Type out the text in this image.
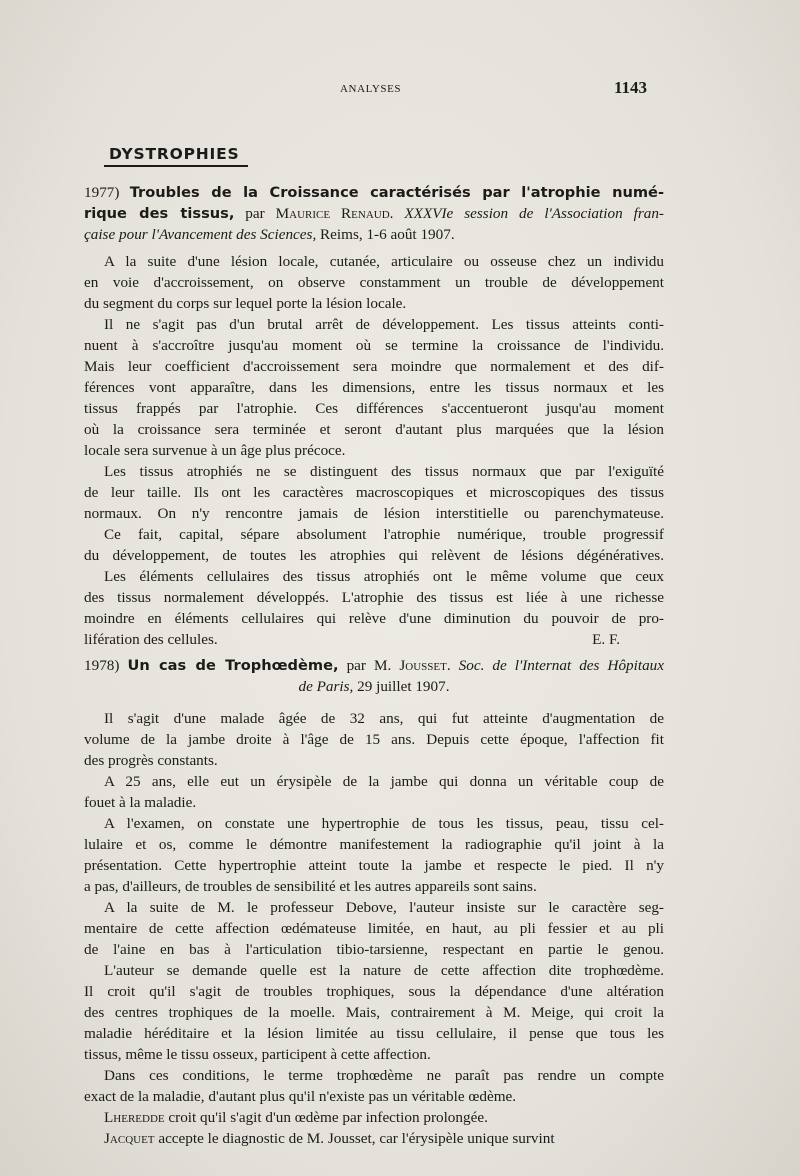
ANALYSES	1143
DYSTROPHIES
1977) Troubles de la Croissance caractérisés par l'atrophie numé-
rique des tissus, par Maurice Renaud. XXXVIe session de l'Association fran-
çaise pour l'Avancement des Sciences, Reims, 1-6 août 1907.
A la suite d'une lésion locale, cutanée, articulaire ou osseuse chez un individu
en voie d'accroissement, on observe constamment un trouble de développement
du segment du corps sur lequel porte la lésion locale.
Il ne s'agit pas d'un brutal arrêt de développement. Les tissus atteints conti-
nuent à s'accroître jusqu'au moment où se termine la croissance de l'individu.
Mais leur coefficient d'accroissement sera moindre que normalement et des dif-
férences vont apparaître, dans les dimensions, entre les tissus normaux et les
tissus frappés par l'atrophie. Ces différences s'accentueront jusqu'au moment
où la croissance sera terminée et seront d'autant plus marquées que la lésion
locale sera survenue à un âge plus précoce.
Les tissus atrophiés ne se distinguent des tissus normaux que par l'exiguïté
de leur taille. Ils ont les caractères macroscopiques et microscopiques des tissus
normaux. On n'y rencontre jamais de lésion interstitielle ou parenchymateuse.
Ce fait, capital, sépare absolument l'atrophie numérique, trouble progressif
du développement, de toutes les atrophies qui relèvent de lésions dégénératives.
Les éléments cellulaires des tissus atrophiés ont le même volume que ceux
des tissus normalement développés. L'atrophie des tissus est liée à une richesse
moindre en éléments cellulaires qui relève d'une diminution du pouvoir de pro-
lifération des cellules.	E. F.
1978) Un cas de Trophœdème, par M. Jousset. Soc. de l'Internat des Hôpitaux
de Paris, 29 juillet 1907.
Il s'agit d'une malade âgée de 32 ans, qui fut atteinte d'augmentation de
volume de la jambe droite à l'âge de 15 ans. Depuis cette époque, l'affection fit
des progrès constants.
A 25 ans, elle eut un érysipèle de la jambe qui donna un véritable coup de
fouet à la maladie.
A l'examen, on constate une hypertrophie de tous les tissus, peau, tissu cel-
lulaire et os, comme le démontre manifestement la radiographie qu'il joint à la
présentation. Cette hypertrophie atteint toute la jambe et respecte le pied. Il n'y
a pas, d'ailleurs, de troubles de sensibilité et les autres appareils sont sains.
A la suite de M. le professeur Debove, l'auteur insiste sur le caractère seg-
mentaire de cette affection œdémateuse limitée, en haut, au pli fessier et au pli
de l'aine en bas à l'articulation tibio-tarsienne, respectant en partie le genou.
L'auteur se demande quelle est la nature de cette affection dite trophœdème.
Il croit qu'il s'agit de troubles trophiques, sous la dépendance d'une altération
des centres trophiques de la moelle. Mais, contrairement à M. Meige, qui croit la
maladie héréditaire et la lésion limitée au tissu cellulaire, il pense que tous les
tissus, même le tissu osseux, participent à cette affection.
Dans ces conditions, le terme trophœdème ne paraît pas rendre un compte
exact de la maladie, d'autant plus qu'il n'existe pas un véritable œdème.
Lheredde croit qu'il s'agit d'un œdème par infection prolongée.
Jacquet accepte le diagnostic de M. Jousset, car l'érysipèle unique survint
